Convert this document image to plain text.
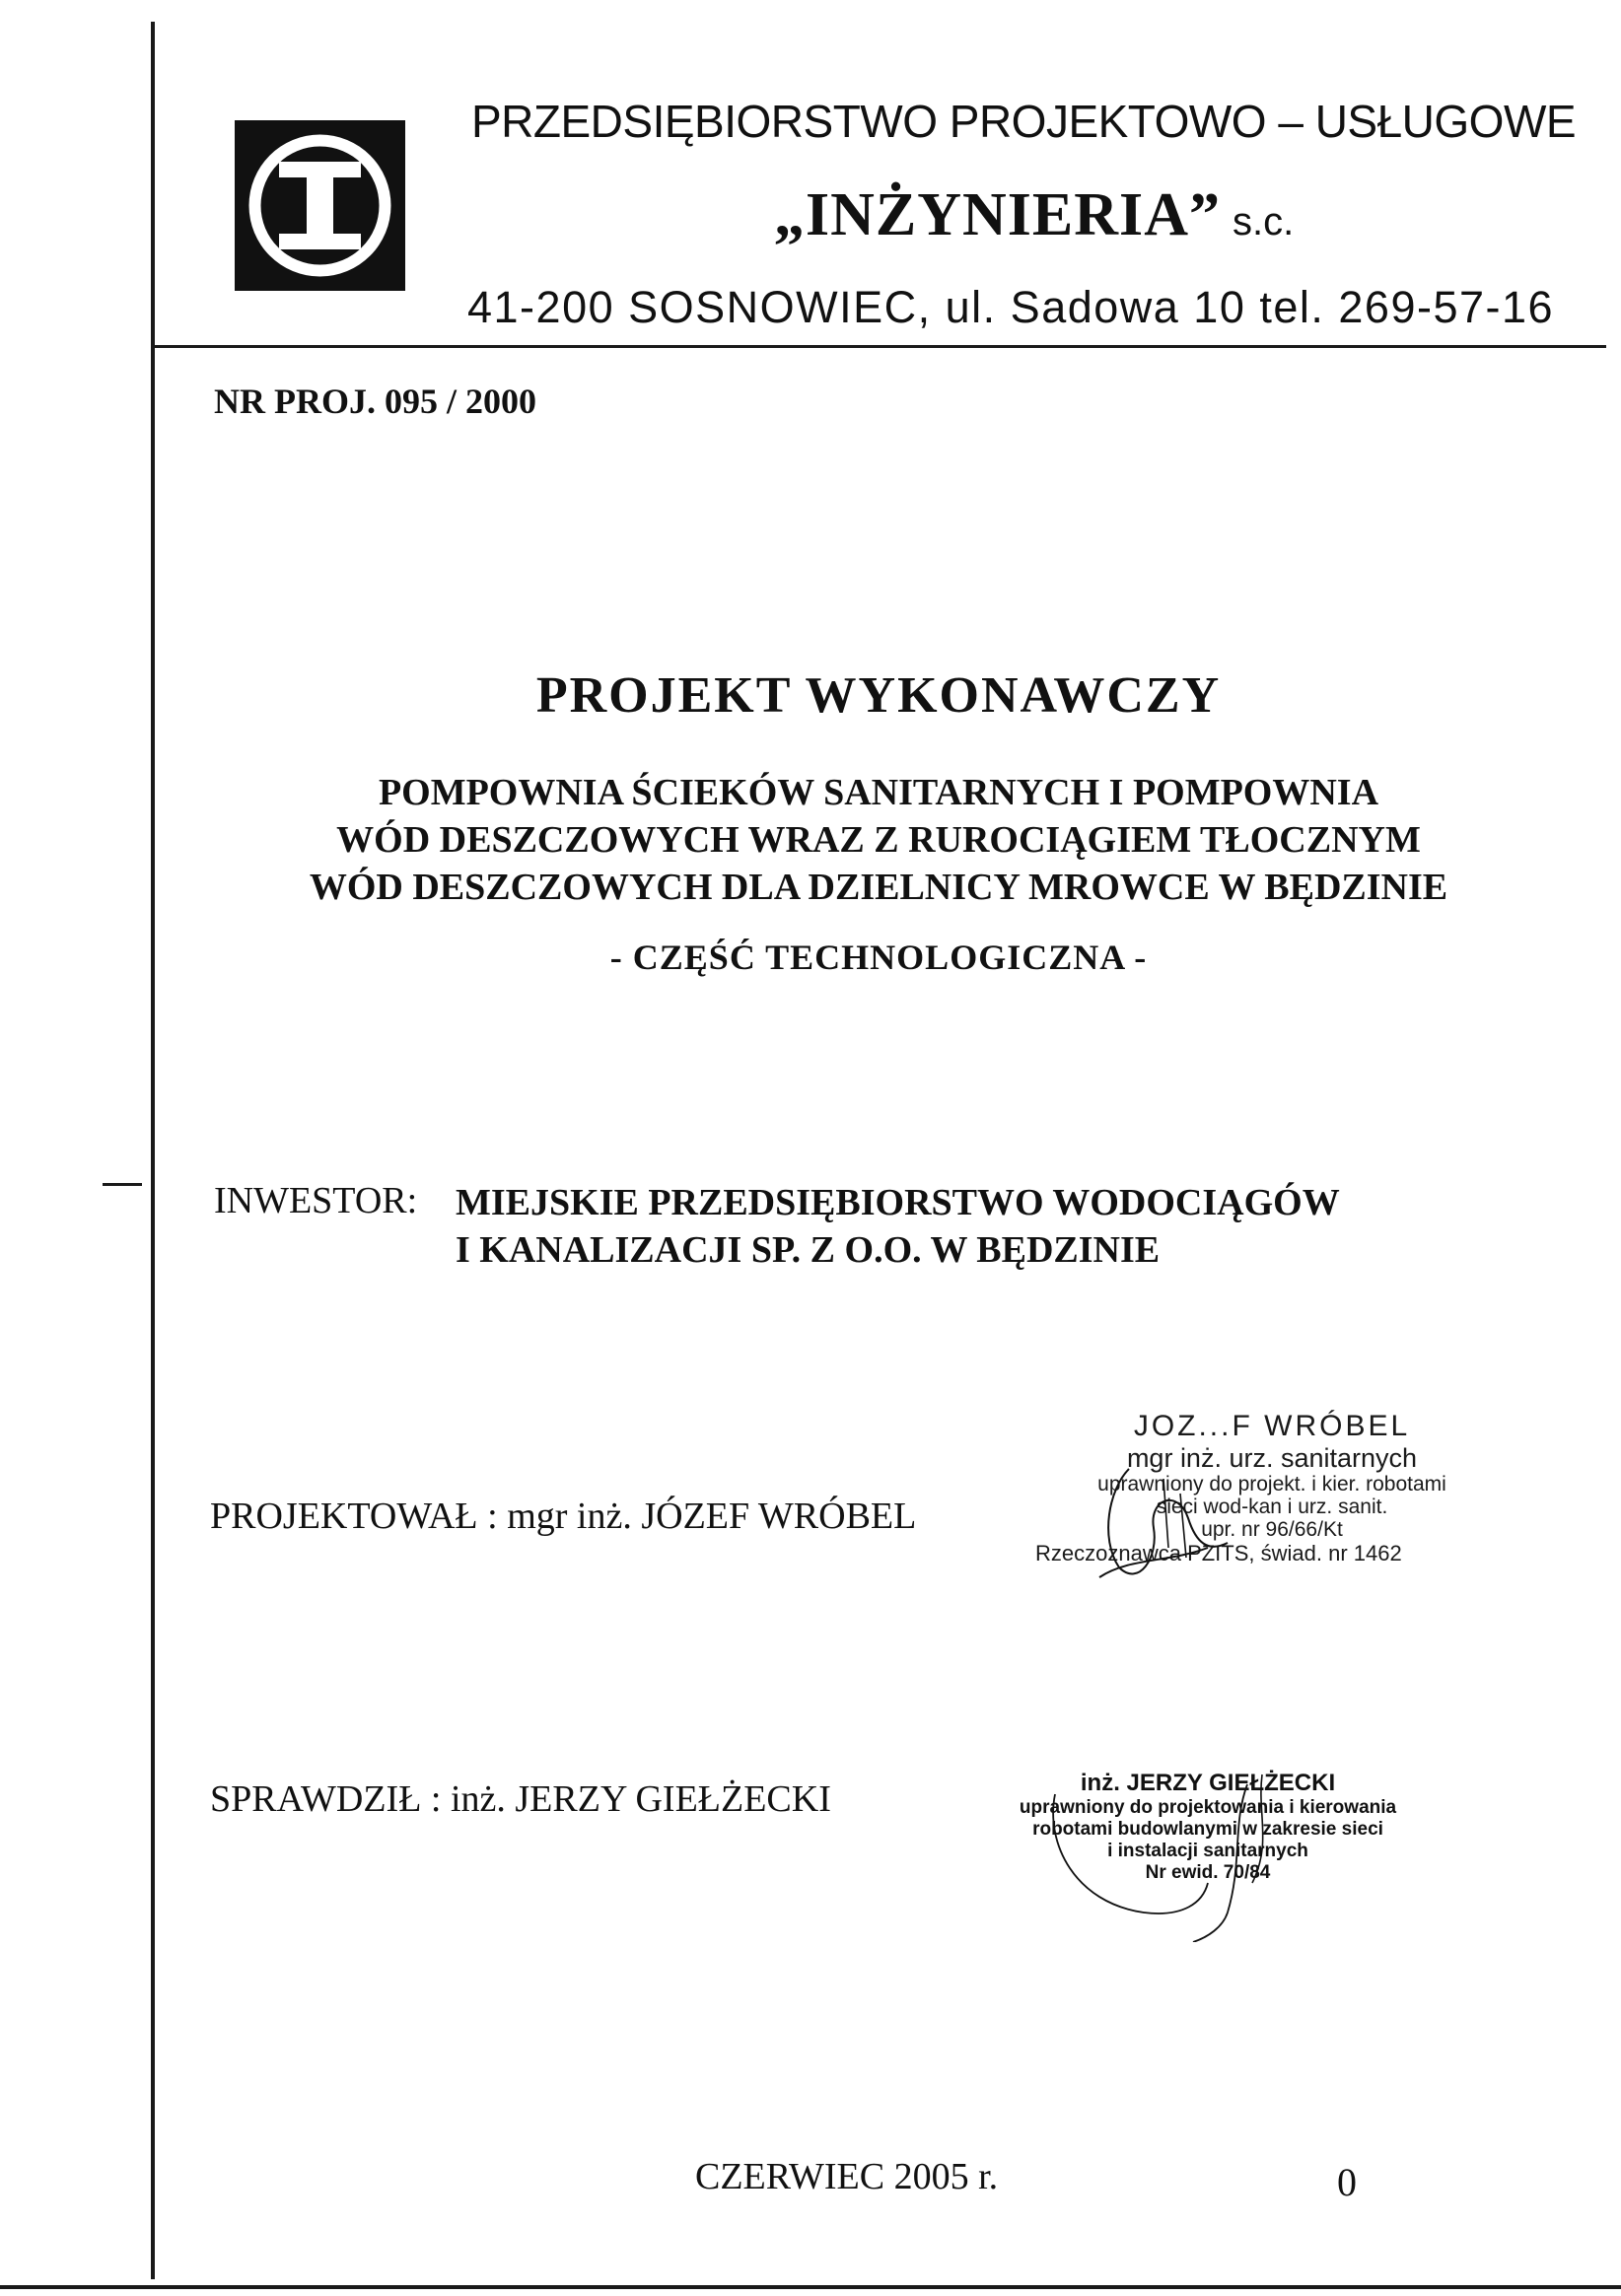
PRZEDSIĘBIORSTWO PROJEKTOWO – USŁUGOWE
„INŻYNIERIA” s.c.
41-200 SOSNOWIEC, ul. Sadowa 10 tel. 269-57-16
NR PROJ. 095 / 2000
PROJEKT WYKONAWCZY
POMPOWNIA ŚCIEKÓW SANITARNYCH I POMPOWNIA
WÓD DESZCZOWYCH WRAZ Z RUROCIĄGIEM TŁOCZNYM
WÓD DESZCZOWYCH DLA DZIELNICY MROWCE W BĘDZINIE
- CZĘŚĆ TECHNOLOGICZNA -
INWESTOR: MIEJSKIE PRZEDSIĘBIORSTWO WODOCIĄGÓW
I KANALIZACJI SP. Z O.O. W BĘDZINIE
PROJEKTOWAŁ : mgr inż. JÓZEF WRÓBEL
JOZ...F WRÓBEL
mgr inż. urz. sanitarnych
uprawniony do projekt. i kier. robotami
sieci wod-kan i urz. sanit.
upr. nr 96/66/Kt
Rzeczoznawca PZITS, świad. nr 1462
SPRAWDZIŁ : inż. JERZY GIEŁŻECKI	inż. JERZY GIEŁŻECKI
uprawniony do projektowania i kierowania
robotami budowlanymi w zakresie sieci
i instalacji sanitarnych
Nr ewid. 70/84
CZERWIEC 2005 r.	0
